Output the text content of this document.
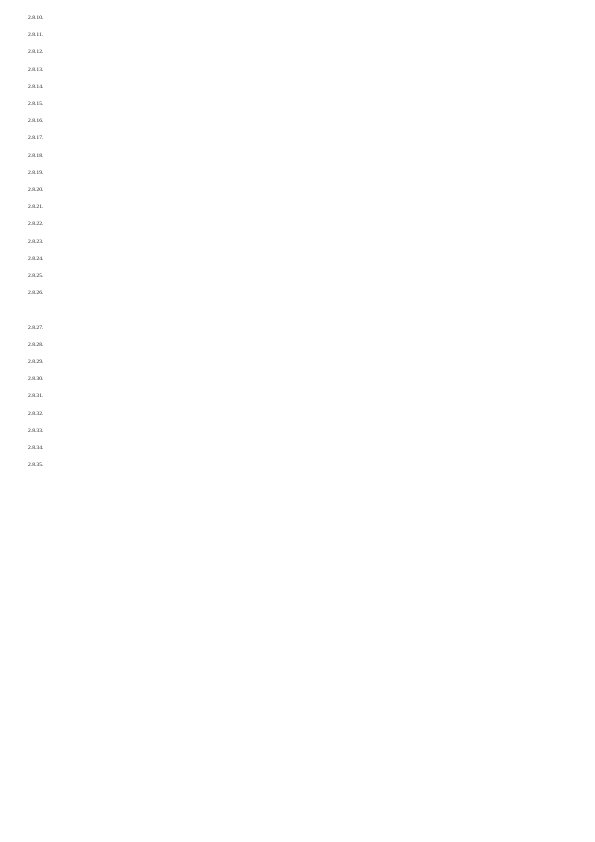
2.8.10.

2.8.11.

2.8.12.

2.8.13.

2.8.14.

2.8.15.

2.8.16.

2.8.17.

2.8.18.

2.8.19.

2.8.20.

2.8.21.

2.8.22.

2.8.23.

2.8.24.

2.8.25.

2.8.26.

2.8.27.

2.8.28.

2.8.29.

2.8.30.

2.8.31.

2.8.32.

2.8.33.

2.8.34.

2.8.35.
